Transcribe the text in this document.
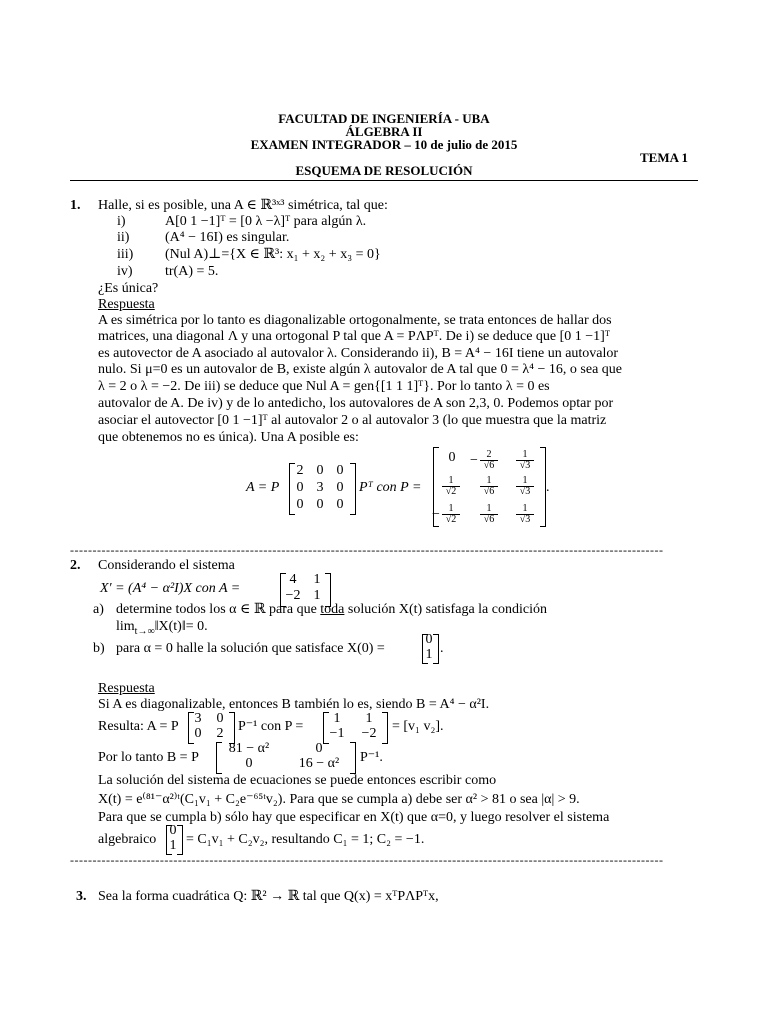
FACULTAD DE INGENIERÍA - UBA
ÁLGEBRA II
EXAMEN INTEGRADOR – 10 de julio de 2015
TEMA 1
ESQUEMA DE RESOLUCIÓN
1. Halle, si es posible, una A ∈ ℝ³ˣ³ simétrica, tal que:
i)	A[0 1 −1]ᵀ = [0 λ −λ]ᵀ para algún λ.
ii)	(A⁴ − 16I) es singular.
iii) (Nul A)⊥={X ∈ ℝ³: x₁ + x₂ + x₃ = 0}
iv) tr(A) = 5.
¿Es única?
Respuesta
A es simétrica por lo tanto es diagonalizable ortogonalmente, se trata entonces de hallar dos
matrices, una diagonal Λ y una ortogonal P tal que A = PΛPᵀ. De i) se deduce que [0 1 −1]ᵀ
es autovector de A asociado al autovalor λ. Considerando ii), B = A⁴ − 16I tiene un autovalor
nulo. Si μ=0 es un autovalor de B, existe algún λ autovalor de A tal que 0 = λ⁴ − 16, o sea que
λ = 2 o λ = −2. De iii) se deduce que Nul A = gen{[1 1 1]ᵀ}. Por lo tanto λ = 0 es
autovalor de A. De iv) y de lo antedicho, los autovalores de A son 2,3, 0. Podemos optar por
asociar el autovector [0 1 −1]ᵀ al autovalor 2 o al autovalor 3 (lo que muestra que la matriz
que obtenemos no es única). Una A posible es:
A = P
2 0 0
0 3 0
0 0 0
Pᵀ con P =
0	− $\frac{2}{√6} \frac{1}{√3}$
$\frac{1}{√2} \frac{1}{√6} \frac{1}{√3}$
− $\frac{1}{√2} \frac{1}{√6} \frac{1}{√3}$
.
------------------------------------------------------------------------------------------------------------------------------------
2. Considerando el sistema
X′ = (A⁴ − α²I)X con A =
4	1
−2 1
a) determine todos los α ∈ ℝ para que toda solución X(t) satisfaga la condición
$\lim_{t\to\infty}‖X(t)‖= 0$.
b) para α = 0 halle la solución que satisface X(0) =
0
1 .
Respuesta
Si A es diagonalizable, entonces B también lo es, siendo B = A⁴ − α²I.
Resulta: A = P
3	0
0	2	P⁻¹ con P =
1	1
−1	−2	= [v₁ v₂].
Por lo tanto B = P
81 − α²	0
0	16 − α²	P⁻¹.
La solución del sistema de ecuaciones se puede entonces escribir como
X(t) = e⁽⁸¹⁻α²⁾ᵗ(C₁v₁ + C₂e⁻⁶⁵ᵗv₂). Para que se cumpla a) debe ser α² > 81 o sea |α| > 9.
Para que se cumpla b) sólo hay que especificar en X(t) que α=0, y luego resolver el sistema
algebraico
0
1 = C₁v₁ + C₂v₂, resultando C₁ = 1; C₂ = −1.
------------------------------------------------------------------------------------------------------------------------------------
3. Sea la forma cuadrática Q: ℝ² → ℝ tal que Q(x) = xᵀPΛPᵀx,
